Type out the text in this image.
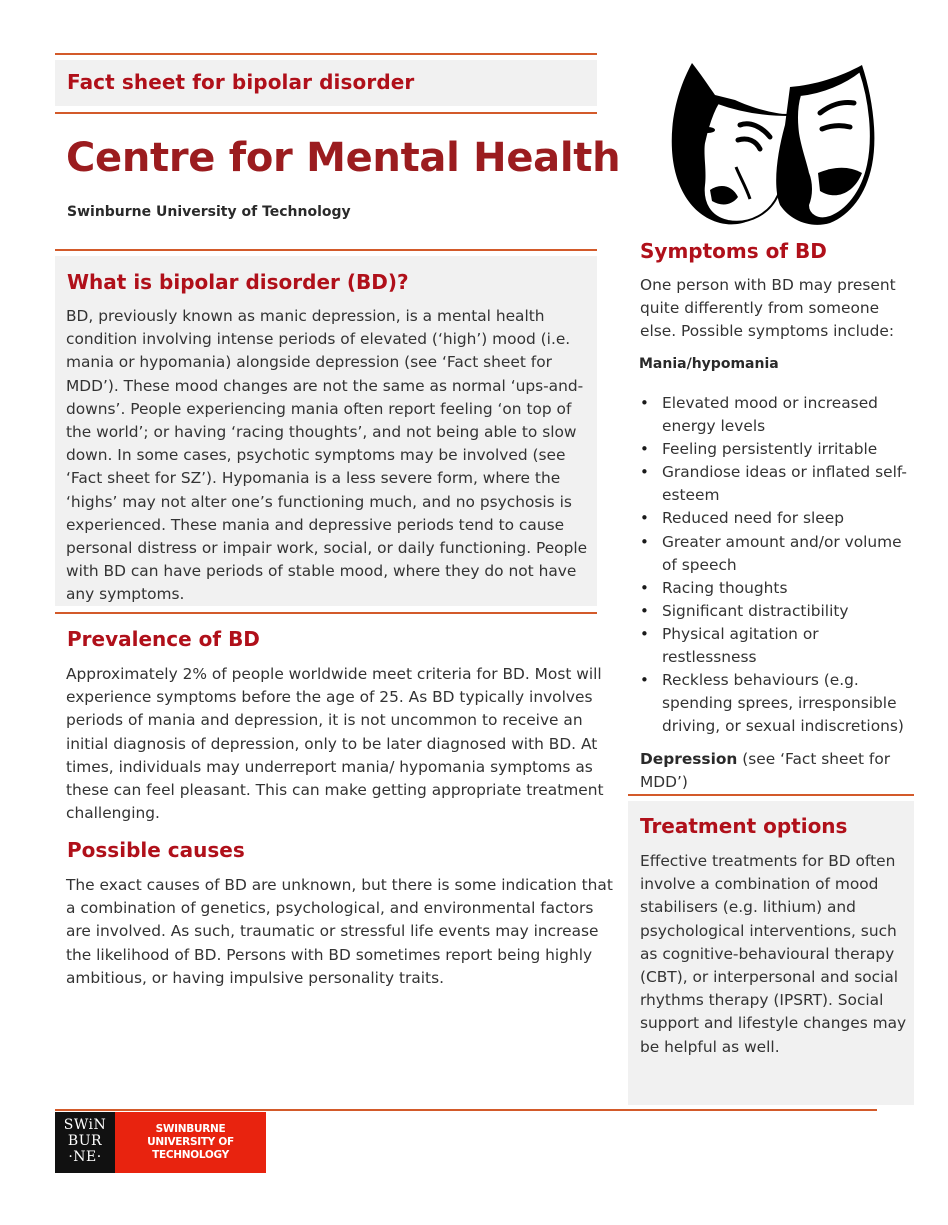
Fact sheet for bipolar disorder
Centre for Mental Health
Swinburne University of Technology
What is bipolar disorder (BD)?

BD, previously known as manic depression, is a mental health condition involving intense periods of elevated (‘high’) mood (i.e. mania or hypomania) alongside depression (see ‘Fact sheet for MDD’). These mood changes are not the same as normal ‘ups-and-downs’. People experiencing mania often report feeling ‘on top of the world’; or having ‘racing thoughts’, and not being able to slow down. In some cases, psychotic symptoms may be involved (see ‘Fact sheet for SZ’). Hypomania is a less severe form, where the ‘highs’ may not alter one’s functioning much, and no psychosis is experienced. These mania and depressive periods tend to cause personal distress or impair work, social, or daily functioning. People with BD can have periods of stable mood, where they do not have any symptoms.

Prevalence of BD

Approximately 2% of people worldwide meet criteria for BD. Most will experience symptoms before the age of 25. As BD typically involves periods of mania and depression, it is not uncommon to receive an initial diagnosis of depression, only to be later diagnosed with BD. At times, individuals may underreport mania/ hypomania symptoms as these can feel pleasant. This can make getting appropriate treatment challenging.

Possible causes

The exact causes of BD are unknown, but there is some indication that a combination of genetics, psychological, and environmental factors are involved. As such, traumatic or stressful life events may increase the likelihood of BD. Persons with BD sometimes report being highly ambitious, or having impulsive personality traits.

Symptoms of BD

One person with BD may present quite differently from someone else. Possible symptoms include:

Mania/hypomania
• Elevated mood or increased energy levels
• Feeling persistently irritable
• Grandiose ideas or inflated self-esteem
• Reduced need for sleep
• Greater amount and/or volume of speech
• Racing thoughts
• Significant distractibility
• Physical agitation or restlessness
• Reckless behaviours (e.g. spending sprees, irresponsible driving, or sexual indiscretions)

Depression (see ‘Fact sheet for MDD’)

Treatment options

Effective treatments for BD often involve a combination of mood stabilisers (e.g. lithium) and psychological interventions, such as cognitive-behavioural therapy (CBT), or interpersonal and social rhythms therapy (IPSRT). Social support and lifestyle changes may be helpful as well.

SWiN
BUR
·NE·
SWINBURNE
UNIVERSITY OF
TECHNOLOGY
